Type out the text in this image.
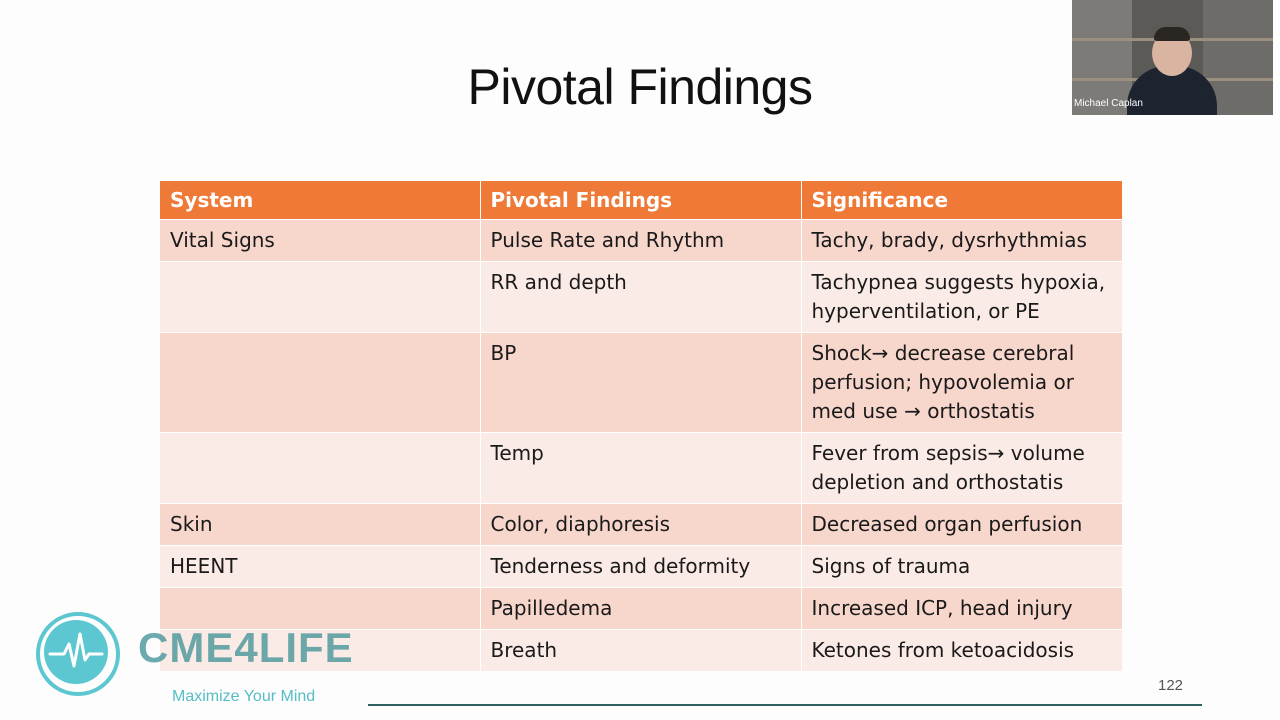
Pivotal Findings
System	Pivotal Findings	Significance
Vital Signs	Pulse Rate and Rhythm	Tachy, brady, dysrhythmias
	RR and depth	Tachypnea suggests hypoxia, hyperventilation, or PE
	BP	Shock→ decrease cerebral perfusion; hypovolemia or med use → orthostatis
	Temp	Fever from sepsis→ volume depletion and orthostatis
Skin	Color, diaphoresis	Decreased organ perfusion
HEENT	Tenderness and deformity	Signs of trauma
	Papilledema	Increased ICP, head injury
	Breath	Ketones from ketoacidosis
Michael Caplan
CME4LIFE
Maximize Your Mind
122
